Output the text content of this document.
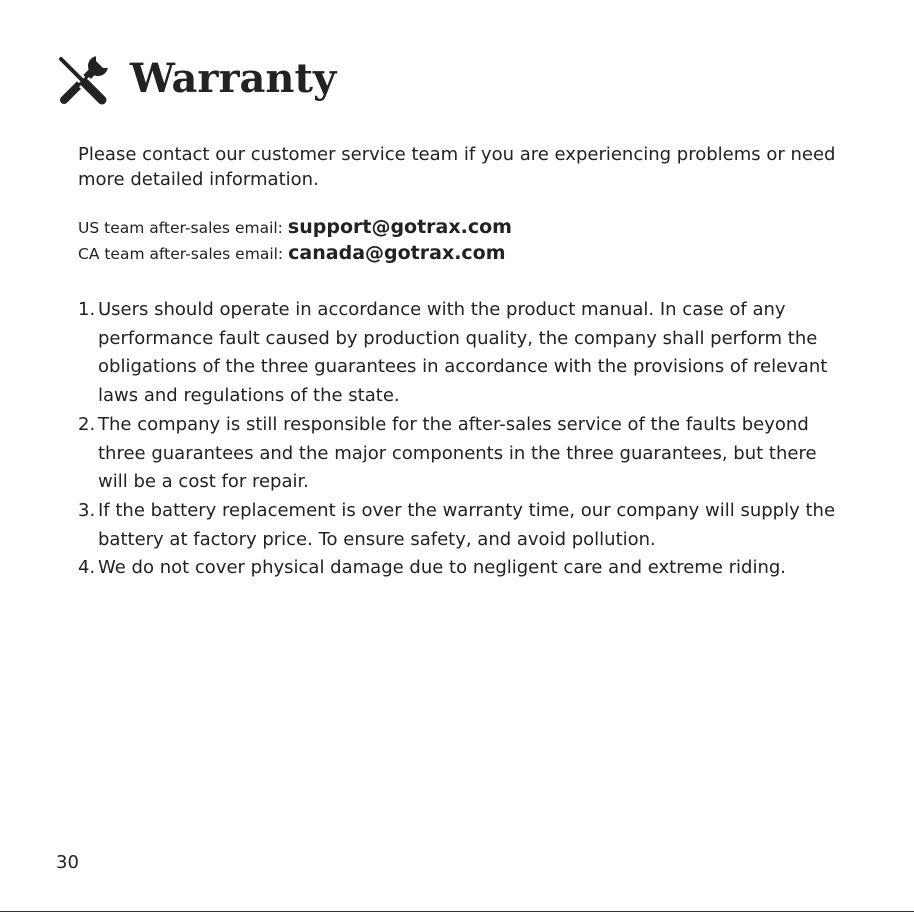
Warranty

Please contact our customer service team if you are experiencing problems or need more detailed information.

US team after-sales email: support@gotrax.com
CA team after-sales email: canada@gotrax.com
1. Users should operate in accordance with the product manual. In case of any performance fault caused by production quality, the company shall perform the obligations of the three guarantees in accordance with the provisions of relevant laws and regulations of the state.
2. The company is still responsible for the after-sales service of the faults beyond three guarantees and the major components in the three guarantees, but there will be a cost for repair.
3. If the battery replacement is over the warranty time, our company will supply the battery at factory price. To ensure safety, and avoid pollution.
4. We do not cover physical damage due to negligent care and extreme riding.
30
